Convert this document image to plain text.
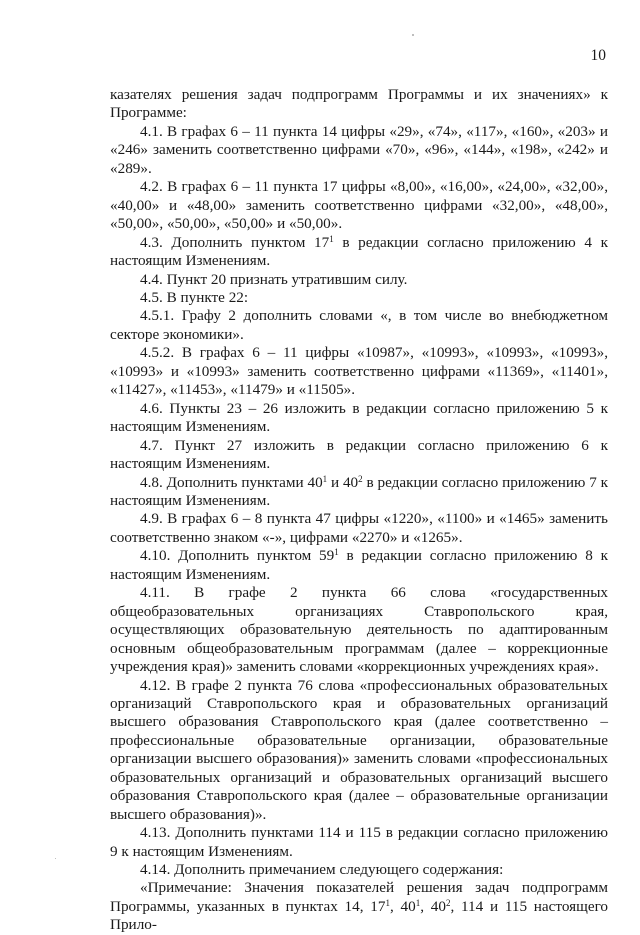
10

казателях решения задач подпрограмм Программы и их значениях» к Программе:

4.1. В графах 6 – 11 пункта 14 цифры «29», «74», «117», «160», «203» и «246» заменить соответственно цифрами «70», «96», «144», «198», «242» и «289».

4.2. В графах 6 – 11 пункта 17 цифры «8,00», «16,00», «24,00», «32,00», «40,00» и «48,00» заменить соответственно цифрами «32,00», «48,00», «50,00», «50,00», «50,00» и «50,00».

4.3. Дополнить пунктом $17^1$ в редакции согласно приложению 4 к настоящим Изменениям.

4.4. Пункт 20 признать утратившим силу.

4.5. В пункте 22:

4.5.1. Графу 2 дополнить словами «, в том числе во внебюджетном секторе экономики».

4.5.2. В графах 6 – 11 цифры «10987», «10993», «10993», «10993», «10993» и «10993» заменить соответственно цифрами «11369», «11401», «11427», «11453», «11479» и «11505».

4.6. Пункты 23 – 26 изложить в редакции согласно приложению 5 к настоящим Изменениям.

4.7. Пункт 27 изложить в редакции согласно приложению 6 к настоящим Изменениям.

4.8. Дополнить пунктами $40^1$ и $40^2$ в редакции согласно приложению 7 к настоящим Изменениям.

4.9. В графах 6 – 8 пункта 47 цифры «1220», «1100» и «1465» заменить соответственно знаком «-», цифрами «2270» и «1265».

4.10. Дополнить пунктом $59^1$ в редакции согласно приложению 8 к настоящим Изменениям.

4.11. В графе 2 пункта 66 слова «государственных общеобразовательных организациях Ставропольского края, осуществляющих образовательную деятельность по адаптированным основным общеобразовательным программам (далее – коррекционные учреждения края)» заменить словами «коррекционных учреждениях края».

4.12. В графе 2 пункта 76 слова «профессиональных образовательных организаций Ставропольского края и образовательных организаций высшего образования Ставропольского края (далее соответственно – профессиональные образовательные организации, образовательные организации высшего образования)» заменить словами «профессиональных образовательных организаций и образовательных организаций высшего образования Ставропольского края (далее – образовательные организации высшего образования)».

4.13. Дополнить пунктами 114 и 115 в редакции согласно приложению 9 к настоящим Изменениям.

4.14. Дополнить примечанием следующего содержания:

«Примечание: Значения показателей решения задач подпрограмм Программы, указанных в пунктах 14, $17^1$, $40^1$, $40^2$, 114 и 115 настоящего Прило-
